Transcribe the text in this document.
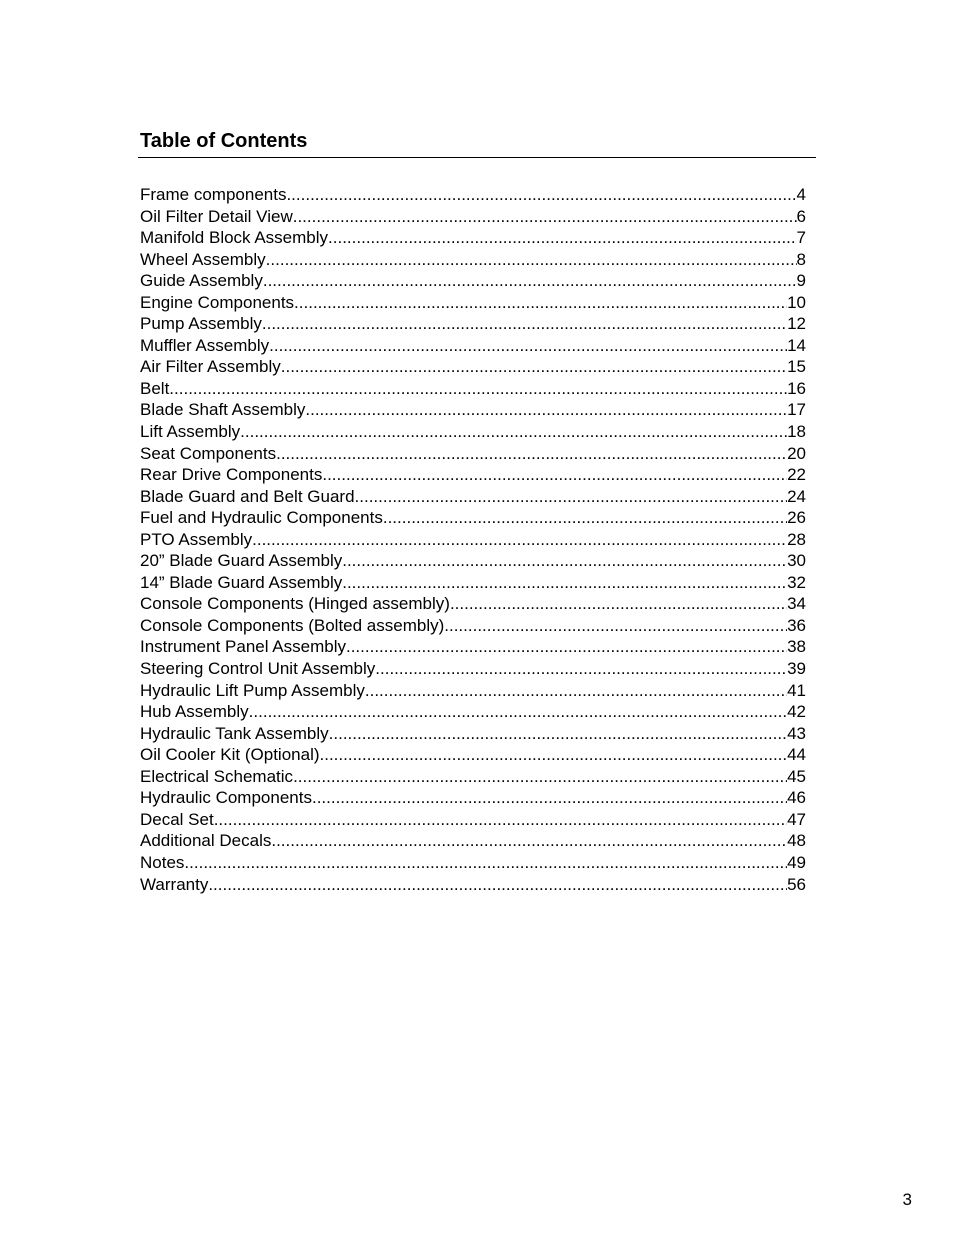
Table of Contents
Frame components .....	4
Oil Filter Detail View .....	6
Manifold Block Assembly .....	7
Wheel Assembly .....	8
Guide Assembly .....	9
Engine Components .....	10
Pump Assembly .....	12
Muffler Assembly .....	14
Air Filter Assembly .....	15
Belt .....	16
Blade Shaft Assembly .....	17
Lift Assembly .....	18
Seat Components .....	20
Rear Drive Components .....	22
Blade Guard and Belt Guard .....	24
Fuel and Hydraulic Components .....	26
PTO Assembly .....	28
20” Blade Guard Assembly .....	30
14” Blade Guard Assembly .....	32
Console Components (Hinged assembly) .....	34
Console Components (Bolted assembly) .....	36
Instrument Panel Assembly .....	38
Steering Control Unit Assembly .....	39
Hydraulic Lift Pump Assembly .....	41
Hub Assembly .....	42
Hydraulic Tank Assembly .....	43
Oil Cooler Kit (Optional) .....	44
Electrical Schematic .....	45
Hydraulic Components .....	46
Decal Set .....	47
Additional Decals .....	48
Notes .....	49
Warranty .....	56
3
